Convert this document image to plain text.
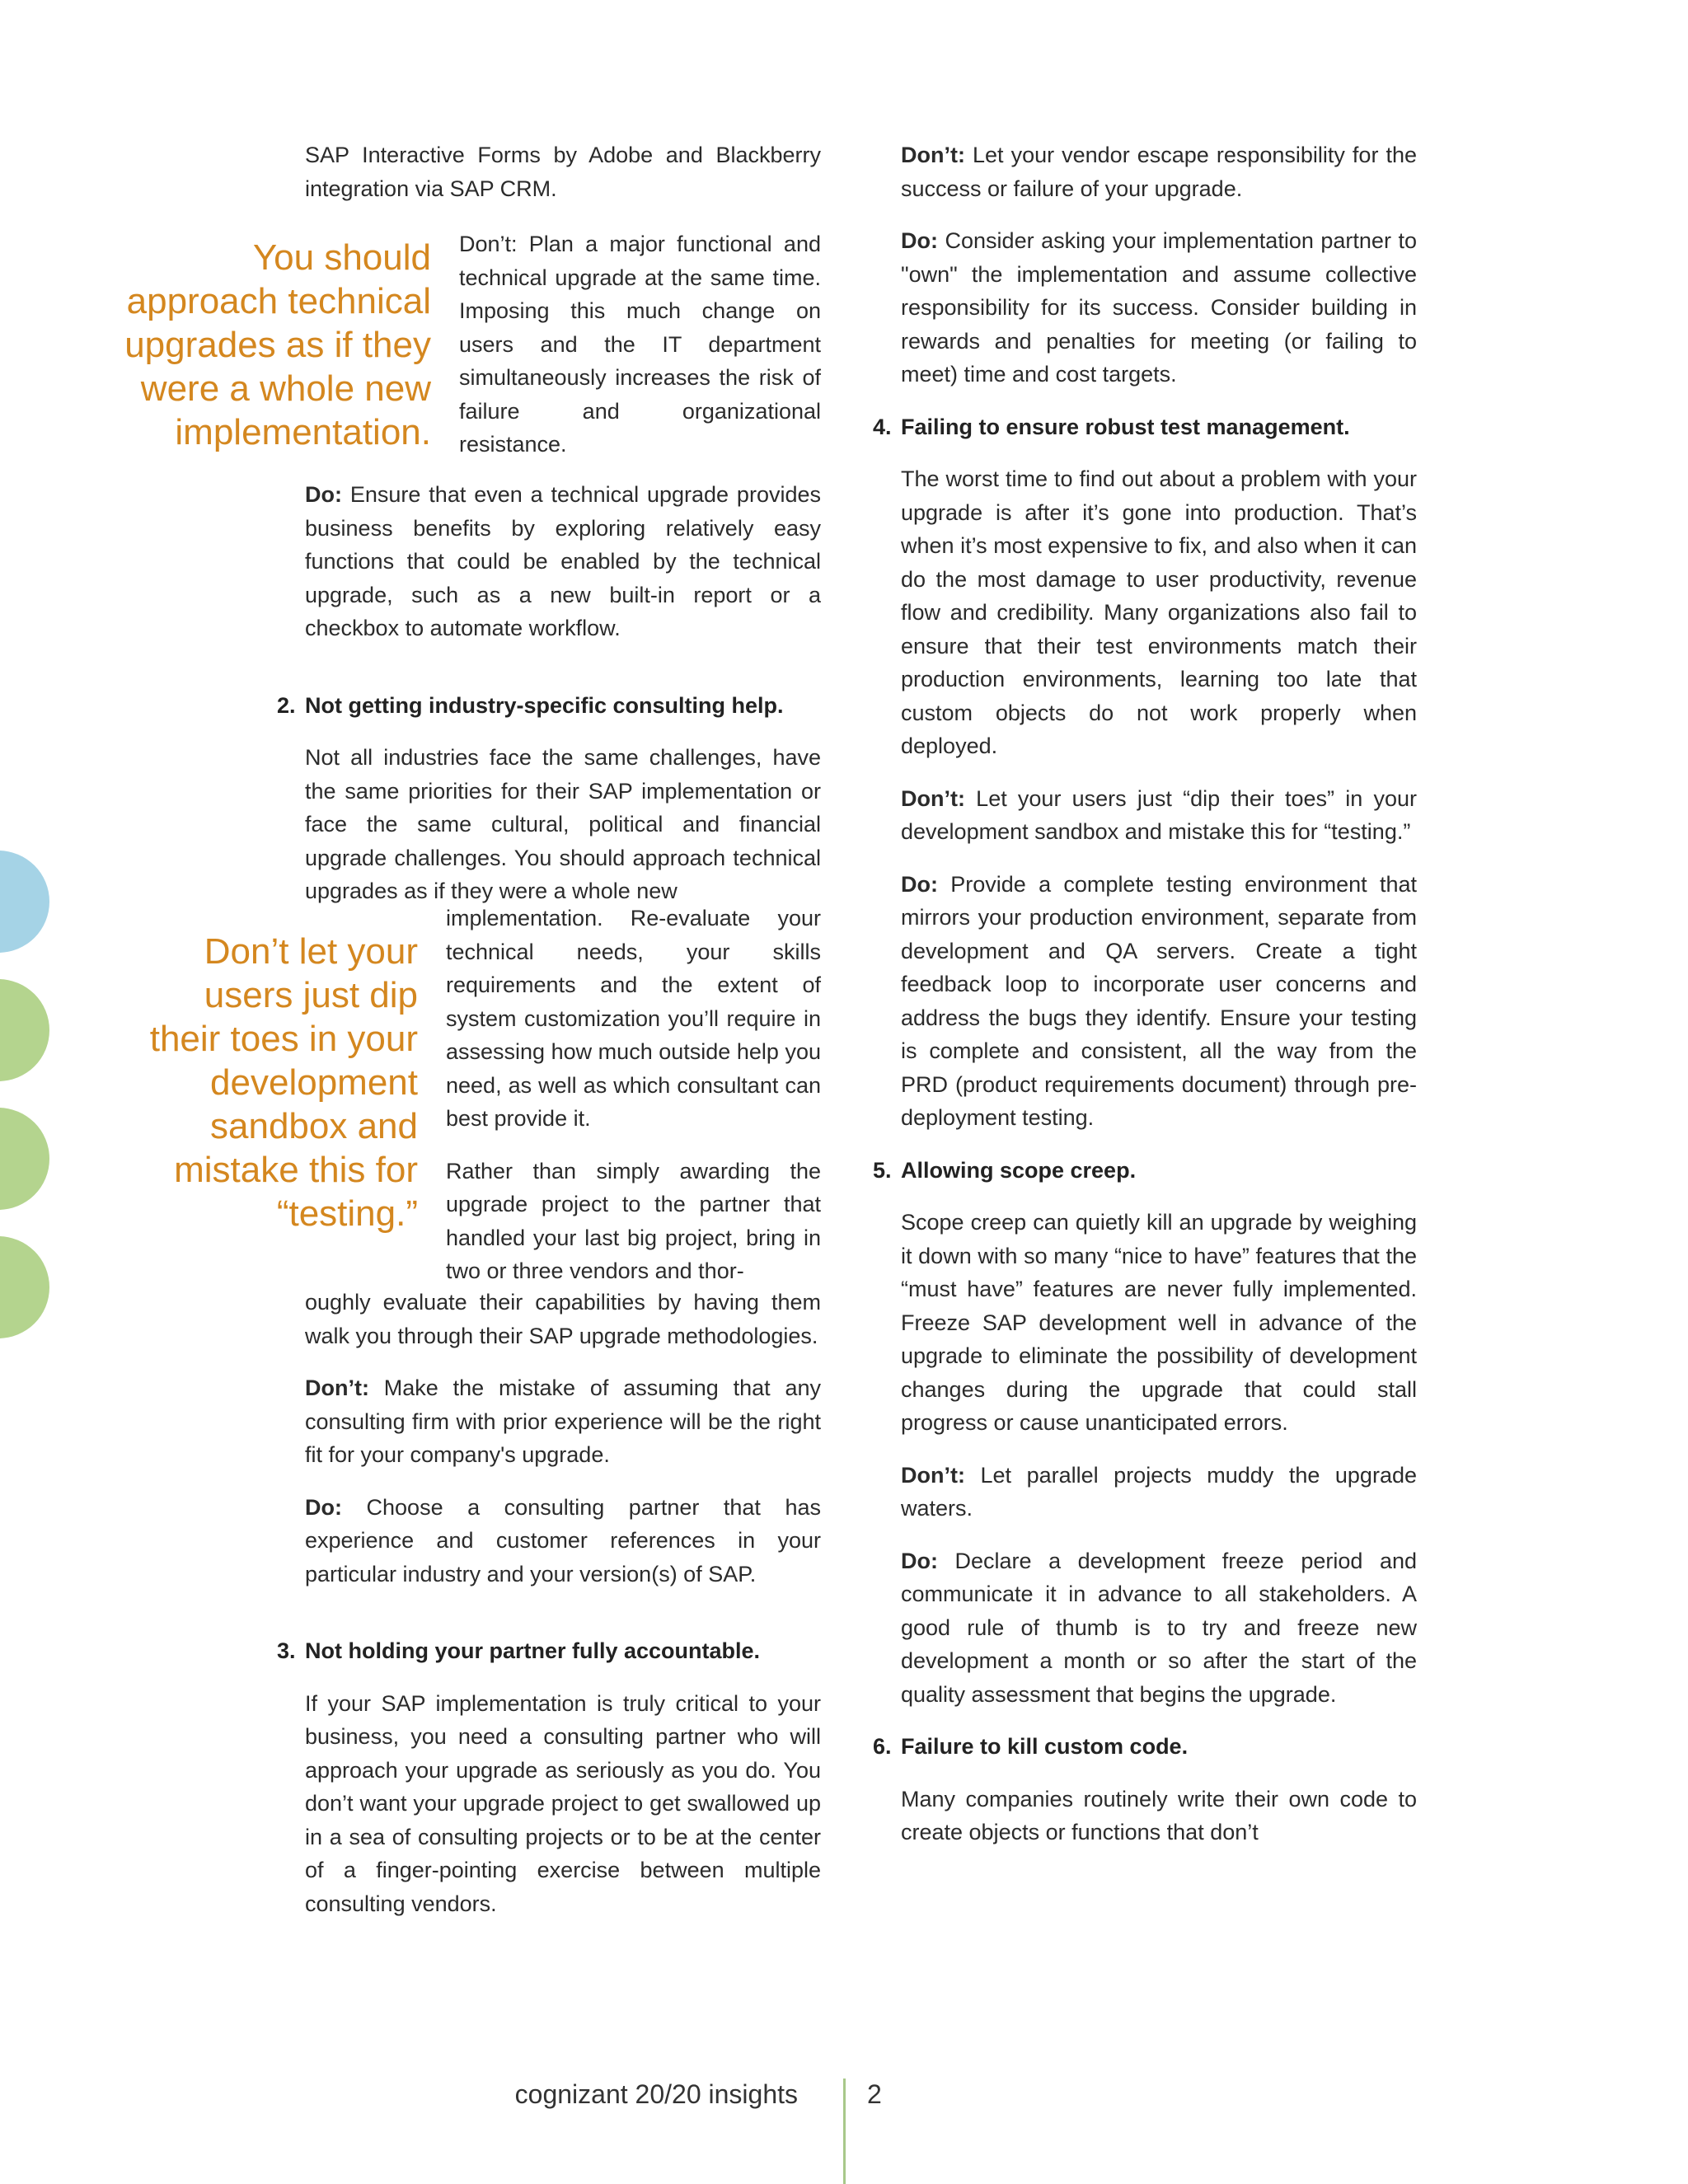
SAP Interactive Forms by Adobe and Blackberry integration via SAP CRM.

You should
approach technical
upgrades as if they
were a whole new
implementation.

Don’t: Plan a major functional and technical upgrade at the same time. Imposing this much change on users and the IT department simultaneously increases the risk of failure and organizational resistance.

Do: Ensure that even a technical upgrade provides business benefits by exploring relatively easy functions that could be enabled by the technical upgrade, such as a new built-in report or a checkbox to automate workflow.

2. Not getting industry-specific consulting help.

Not all industries face the same challenges, have the same priorities for their SAP implementation or face the same cultural, political and financial upgrade challenges. You should approach technical upgrades as if they were a whole new

Don’t let your
users just dip
their toes in your
development
sandbox and
mistake this for
“testing.”

implementation. Re-evaluate your technical needs, your skills requirements and the extent of system customization you’ll require in assessing how much outside help you need, as well as which consultant can best provide it.

Rather than simply awarding the upgrade project to the partner that handled your last big project, bring in two or three vendors and thor-

oughly evaluate their capabilities by having them walk you through their SAP upgrade methodologies.

Don’t: Make the mistake of assuming that any consulting firm with prior experience will be the right fit for your company's upgrade.

Do: Choose a consulting partner that has experience and customer references in your particular industry and your version(s) of SAP.

3. Not holding your partner fully accountable.

If your SAP implementation is truly critical to your business, you need a consulting partner who will approach your upgrade as seriously as you do. You don’t want your upgrade project to get swallowed up in a sea of consulting projects or to be at the center of a finger-pointing exercise between multiple consulting vendors.

Don’t: Let your vendor escape responsibility for the success or failure of your upgrade.

Do: Consider asking your implementation partner to "own" the implementation and assume collective responsibility for its success. Consider building in rewards and penalties for meeting (or failing to meet) time and cost targets.

4. Failing to ensure robust test management.

The worst time to find out about a problem with your upgrade is after it’s gone into production. That’s when it’s most expensive to fix, and also when it can do the most damage to user productivity, revenue flow and credibility. Many organizations also fail to ensure that their test environments match their production environments, learning too late that custom objects do not work properly when deployed.

Don’t: Let your users just “dip their toes” in your development sandbox and mistake this for “testing.”

Do: Provide a complete testing environment that mirrors your production environment, separate from development and QA servers. Create a tight feedback loop to incorporate user concerns and address the bugs they identify. Ensure your testing is complete and consistent, all the way from the PRD (product requirements document) through pre-deployment testing.

5. Allowing scope creep.

Scope creep can quietly kill an upgrade by weighing it down with so many “nice to have” features that the “must have” features are never fully implemented. Freeze SAP development well in advance of the upgrade to eliminate the possibility of development changes during the upgrade that could stall progress or cause unanticipated errors.

Don’t: Let parallel projects muddy the upgrade waters.

Do: Declare a development freeze period and communicate it in advance to all stakeholders. A good rule of thumb is to try and freeze new development a month or so after the start of the quality assessment that begins the upgrade.

6. Failure to kill custom code.

Many companies routinely write their own code to create objects or functions that don’t

cognizant 20/20 insights	2
